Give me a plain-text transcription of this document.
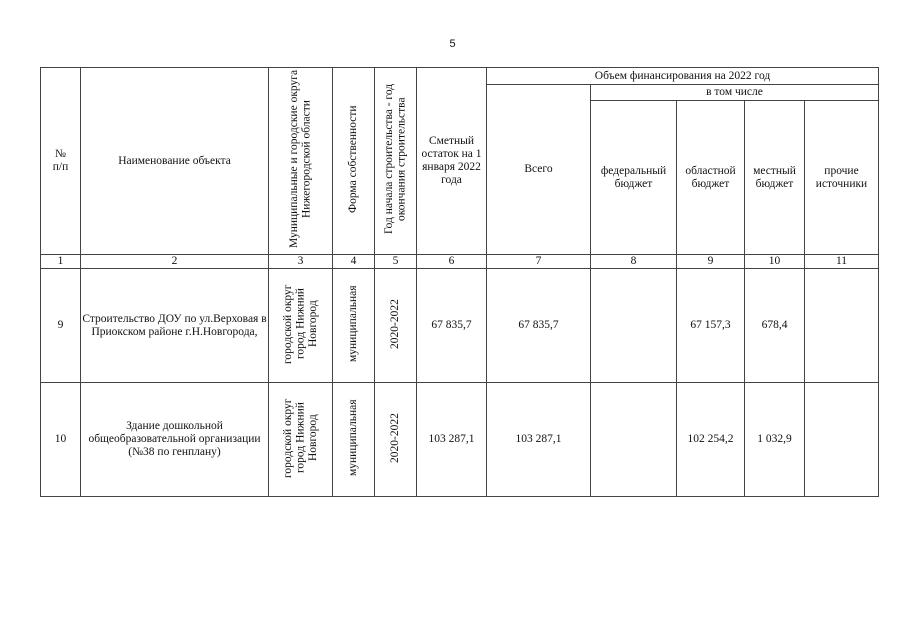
5
№
п/п	Наименование объекта	Муниципальные и городские округа Нижегородской области	Форма собственности	Год начала строительства - год окончания строительства	Сметный остаток на 1 января 2022 года	Объем финансирования на 2022 год				
						Всего	в том числе			
							федеральный бюджет	областной бюджет	местный бюджет	прочие источники
1	2	3	4	5	6	7	8	9	10	11
9	Строительство ДОУ по ул.Верховая в Приокском районе г.Н.Новгорода,	городской округ город Нижний Новгород	муниципальная	2020-2022	67 835,7	67 835,7		67 157,3	678,4	
10	Здание дошкольной общеобразовательной организации (№38 по генплану)	городской округ город Нижний Новгород	муниципальная	2020-2022	103 287,1	103 287,1		102 254,2	1 032,9	
